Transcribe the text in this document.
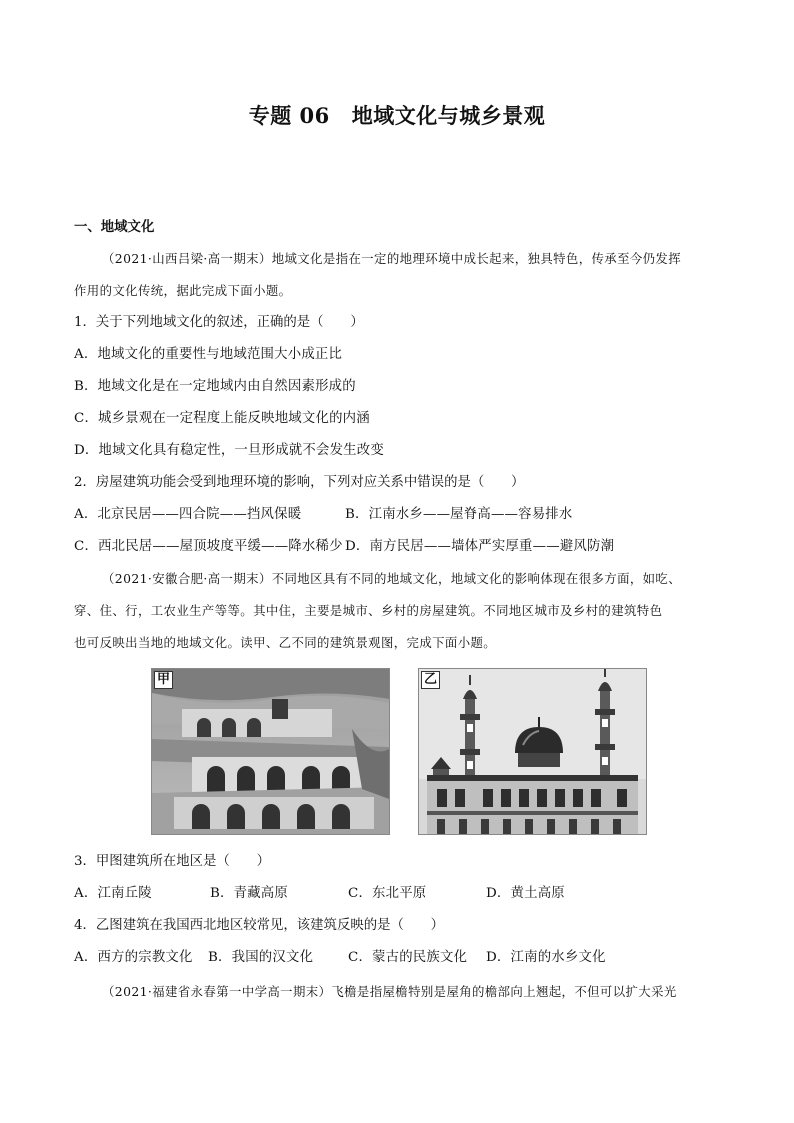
专题 06 地域文化与城乡景观
一、地域文化
（2021·山西吕梁·高一期末）地域文化是指在一定的地理环境中成长起来，独具特色，传承至今仍发挥
作用的文化传统，据此完成下面小题。
1．关于下列地域文化的叙述，正确的是（　　）
A．地域文化的重要性与地域范围大小成正比
B．地域文化是在一定地域内由自然因素形成的
C．城乡景观在一定程度上能反映地域文化的内涵
D．地域文化具有稳定性，一旦形成就不会发生改变
2．房屋建筑功能会受到地理环境的影响，下列对应关系中错误的是（　　）
A．北京民居——四合院——挡风保暖	B．江南水乡——屋脊高——容易排水
C．西北民居——屋顶坡度平缓——降水稀少 D．南方民居——墙体严实厚重——避风防潮
（2021·安徽合肥·高一期末）不同地区具有不同的地域文化，地域文化的影响体现在很多方面，如吃、
穿、住、行，工农业生产等等。其中住，主要是城市、乡村的房屋建筑。不同地区城市及乡村的建筑特色
也可反映出当地的地域文化。读甲、乙不同的建筑景观图，完成下面小题。
甲	乙
3．甲图建筑所在地区是（　　）
A．江南丘陵	B．青藏高原	C．东北平原	D．黄土高原
4．乙图建筑在我国西北地区较常见，该建筑反映的是（　　）
A．西方的宗教文化 B．我国的汉文化	C．蒙古的民族文化 D．江南的水乡文化
（2021·福建省永春第一中学高一期末）飞檐是指屋檐特别是屋角的檐部向上翘起，不但可以扩大采光
